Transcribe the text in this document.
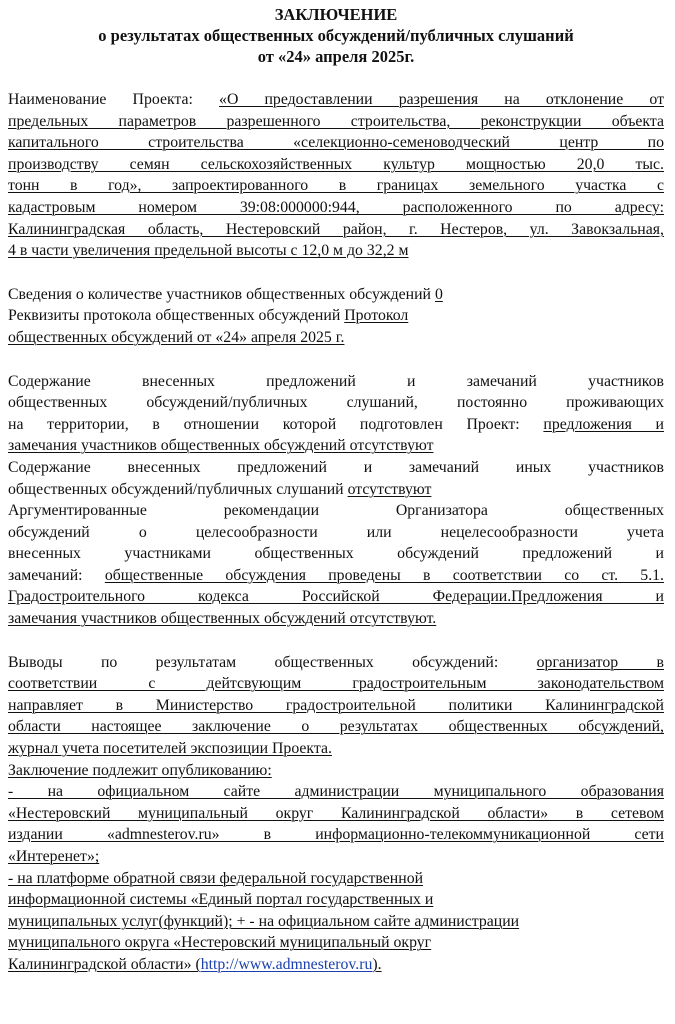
ЗАКЛЮЧЕНИЕ
о результатах общественных обсуждений/публичных слушаний
от «24» апреля 2025г.
Наименование Проекта: «О предоставлении разрешения на отклонение от
предельных параметров разрешенного строительства, реконструкции объекта
капитального строительства «селекционно-семеноводческий центр по
производству семян сельскохозяйственных культур мощностью 20,0 тыс.
тонн в год», запроектированного в границах земельного участка с
кадастровым номером 39:08:000000:944, расположенного по адресу:
Калининградская область, Нестеровский район, г. Нестеров, ул. Завокзальная,
4 в части увеличения предельной высоты с 12,0 м до 32,2 м
Сведения о количестве участников общественных обсуждений 0
Реквизиты протокола общественных обсуждений Протокол
общественных обсуждений от «24» апреля 2025 г.
Содержание	внесенных предложений и замечаний участников
общественных обсуждений/публичных слушаний, постоянно проживающих
на территории, в отношении которой подготовлен Проект: предложения и
замечания участников общественных обсуждений отсутствуют
Содержание внесенных предложений и замечаний иных участников
общественных обсуждений/публичных слушаний отсутствуют
Аргументированные	рекомендации Организатора общественных
обсуждений о целесообразности или нецелесообразности учета
внесенных участниками общественных обсуждений предложений и
замечаний: общественные обсуждения проведены в соответствии со ст. 5.1.
Градостроительного кодекса Российской Федерации.Предложения и
замечания участников общественных обсуждений отсутствуют.
Выводы по результатам общественных обсуждений: организатор в
соответствии с дейтсвующим градостроительным законодательством
направляет в Министерство градостроительной политики Калининградской
области настоящее заключение о результатах общественных обсуждений,
журнал учета посетителей экспозиции Проекта.
Заключение подлежит опубликованию:
- на официальном сайте администрации муниципального образования
«Нестеровский муниципальный округ Калининградской области» в сетевом
издании «admnesterov.ru» в информационно-телекоммуникационной сети
«Интеренет»;
- на платформе обратной связи федеральной государственной
информационной системы «Единый портал государственных и
муниципальных услуг(функций); + - на официальном сайте администрации
муниципального округа «Нестеровский муниципальный округ
Калининградской области» (http://www.admnesterov.ru).
